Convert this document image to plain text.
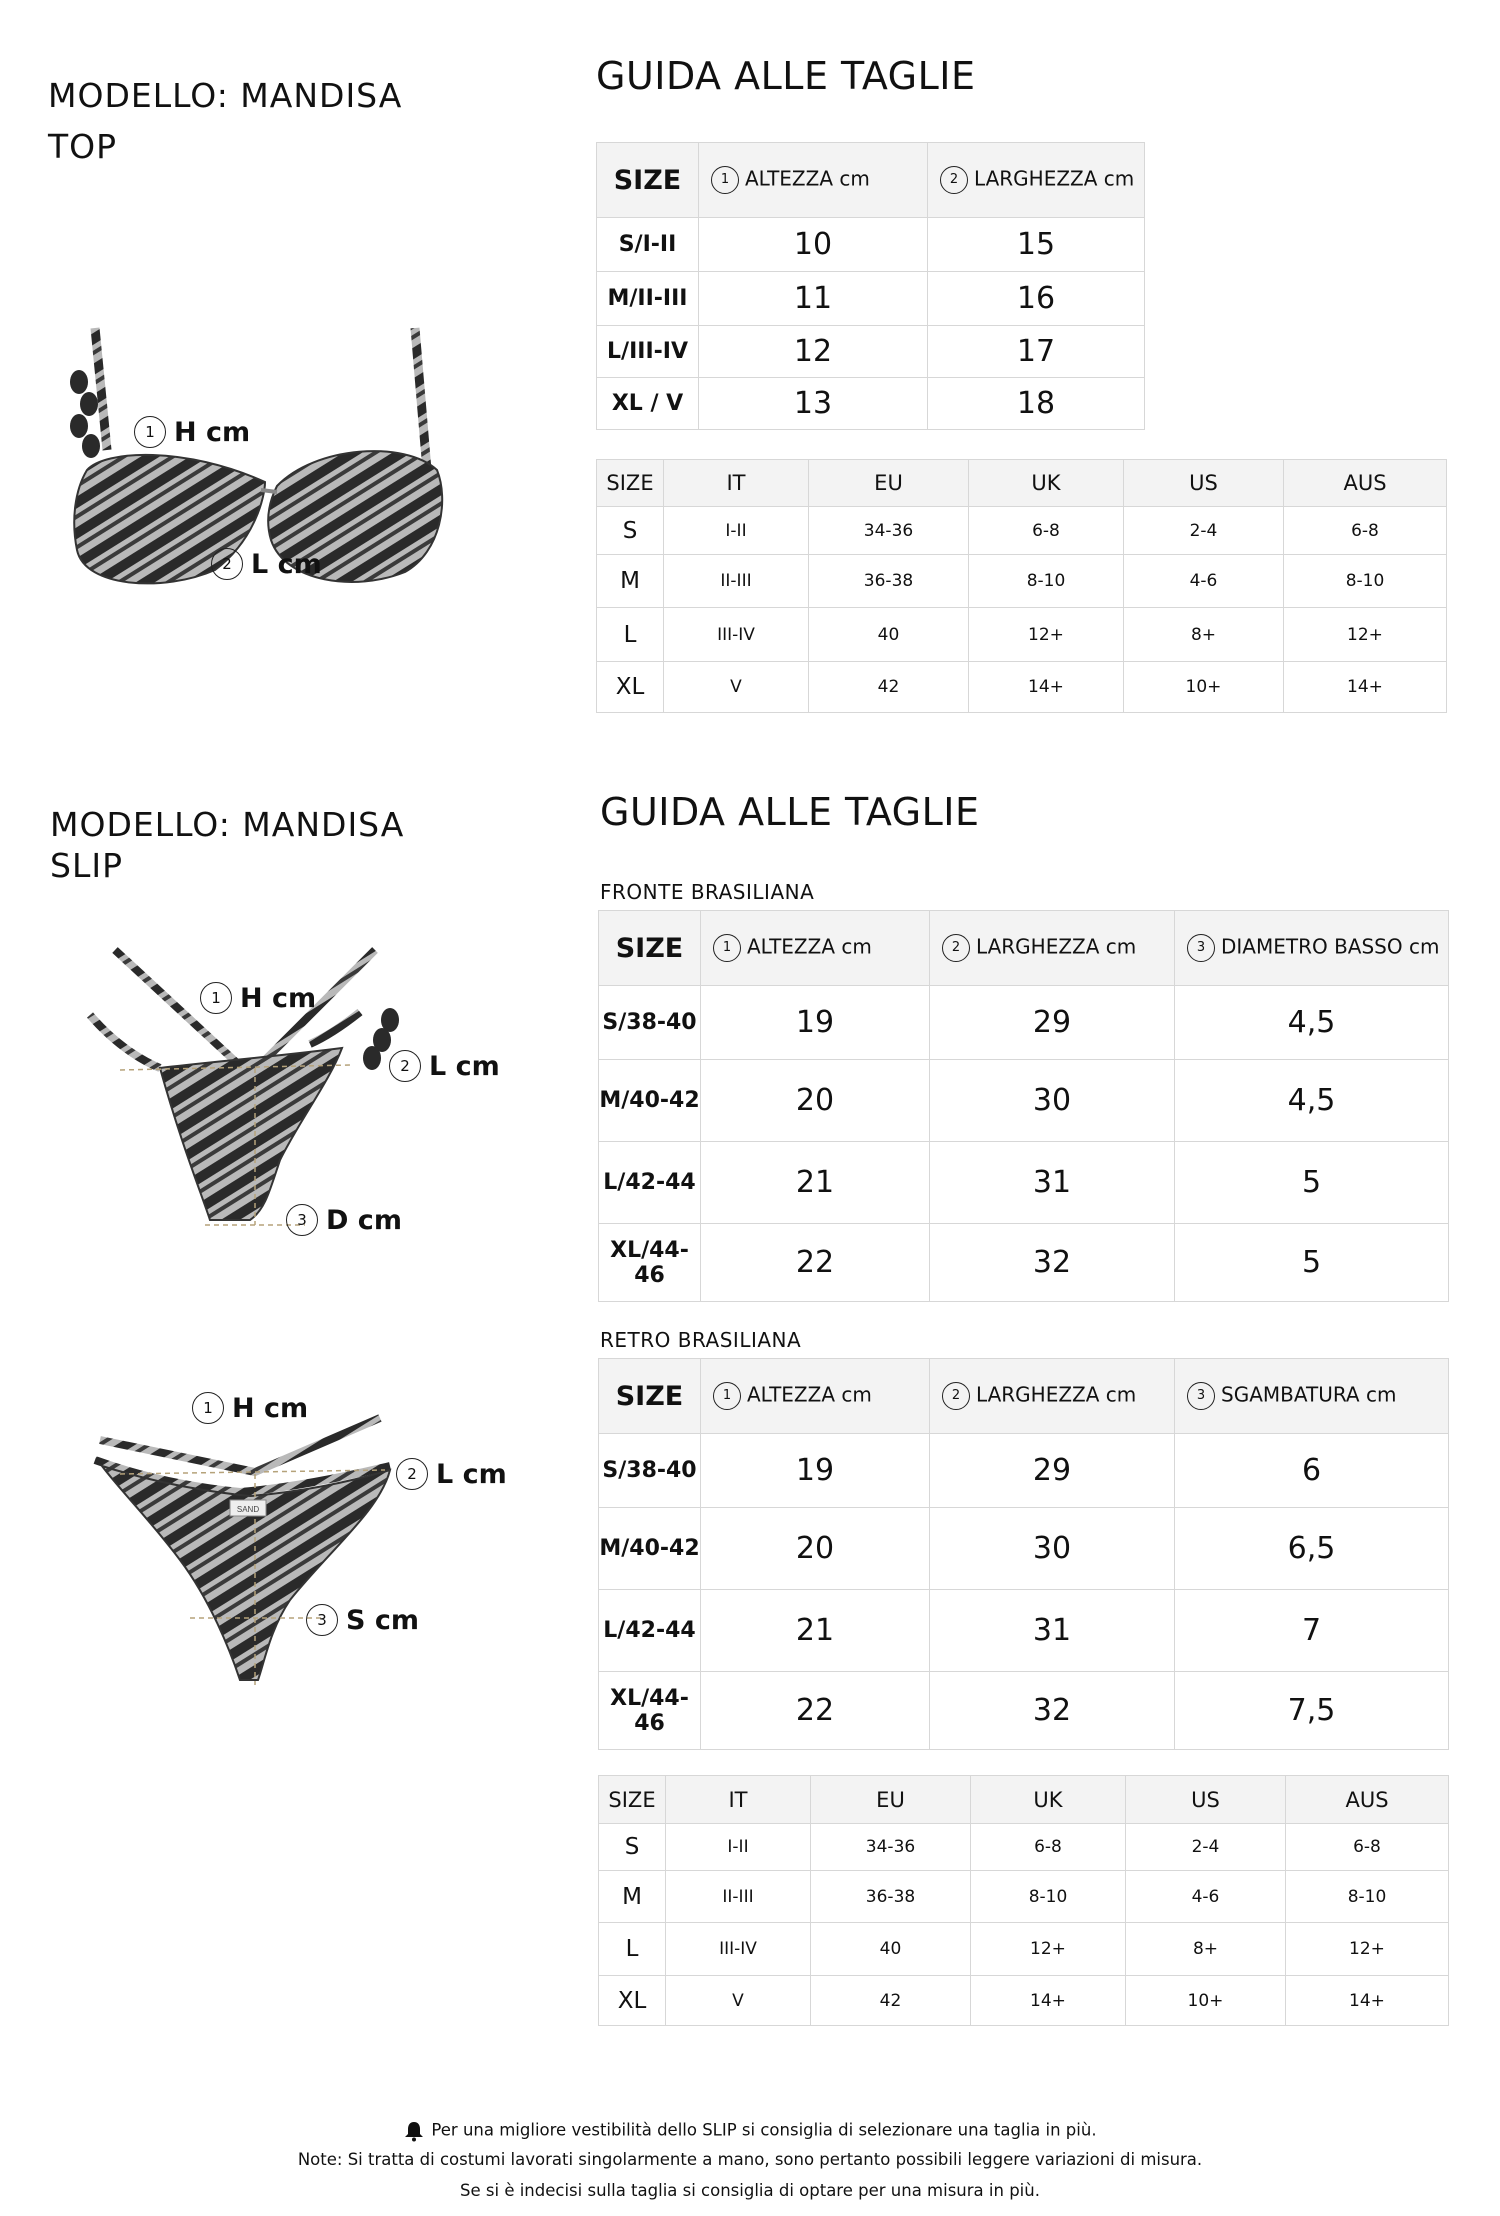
MODELLO: MANDISA
TOP
GUIDA ALLE TAGLIE
1 H cm
2 L cm
SIZE	1 ALTEZZA cm	2 LARGHEZZA cm
S/I-II	10	15
M/II-III	11	16
L/III-IV	12	17
XL / V	13	18
SIZE	IT	EU	UK	US	AUS
S	I-II	34-36	6-8	2-4	6-8
M	II-III	36-38	8-10	4-6	8-10
L	III-IV	40	12+	8+	12+
XL	V	42	14+	10+	14+
MODELLO: MANDISA
SLIP
GUIDA ALLE TAGLIE
1 H cm
2 L cm
3 D cm
SAND
1 H cm
2 L cm
3 S cm
FRONTE BRASILIANA
SIZE	1 ALTEZZA cm	2 LARGHEZZA cm	3 DIAMETRO BASSO cm
S/38-40	19	29	4,5
M/40-42	20	30	4,5
L/42-44	21	31	5
XL/44-46	22	32	5
RETRO BRASILIANA
SIZE	1 ALTEZZA cm	2 LARGHEZZA cm	3 SGAMBATURA cm
S/38-40	19	29	6
M/40-42	20	30	6,5
L/42-44	21	31	7
XL/44-46	22	32	7,5
SIZE	IT	EU	UK	US	AUS
S	I-II	34-36	6-8	2-4	6-8
M	II-III	36-38	8-10	4-6	8-10
L	III-IV	40	12+	8+	12+
XL	V	42	14+	10+	14+
Per una migliore vestibilità dello SLIP si consiglia di selezionare una taglia in più.
Note: Si tratta di costumi lavorati singolarmente a mano, sono pertanto possibili leggere variazioni di misura.
Se si è indecisi sulla taglia si consiglia di optare per una misura in più.
